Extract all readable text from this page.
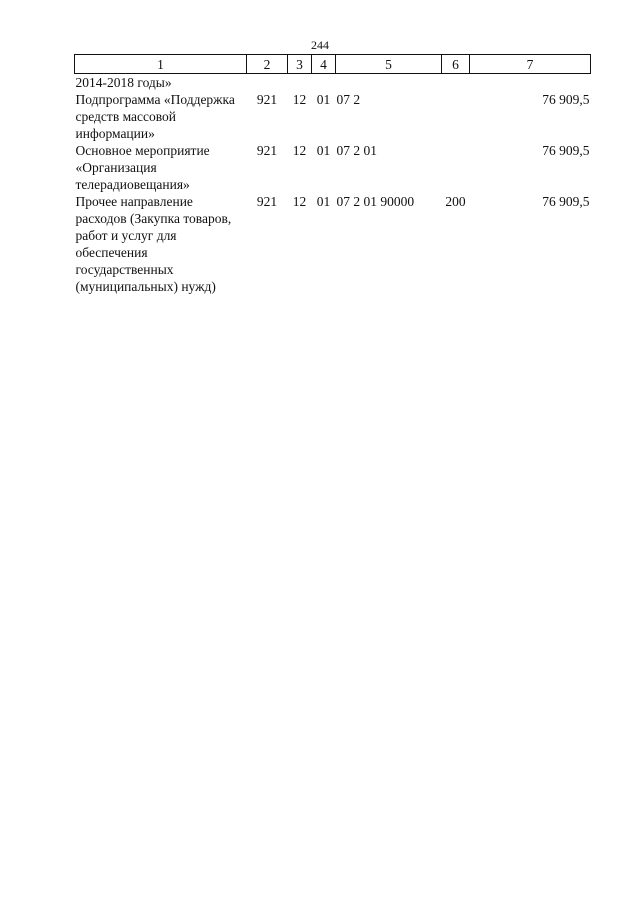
244
1	2	3	4	5	6	7
2014-2018 годы»						
Подпрограмма «Поддержка средств массовой информации»	921	12	01	07 2		76 909,5
Основное мероприятие «Организация телерадиовещания»	921	12	01	07 2 01		76 909,5
Прочее направление расходов (Закупка товаров, работ и услуг для обеспечения государственных (муниципальных) нужд)	921	12	01	07 2 01 90000	200	76 909,5
